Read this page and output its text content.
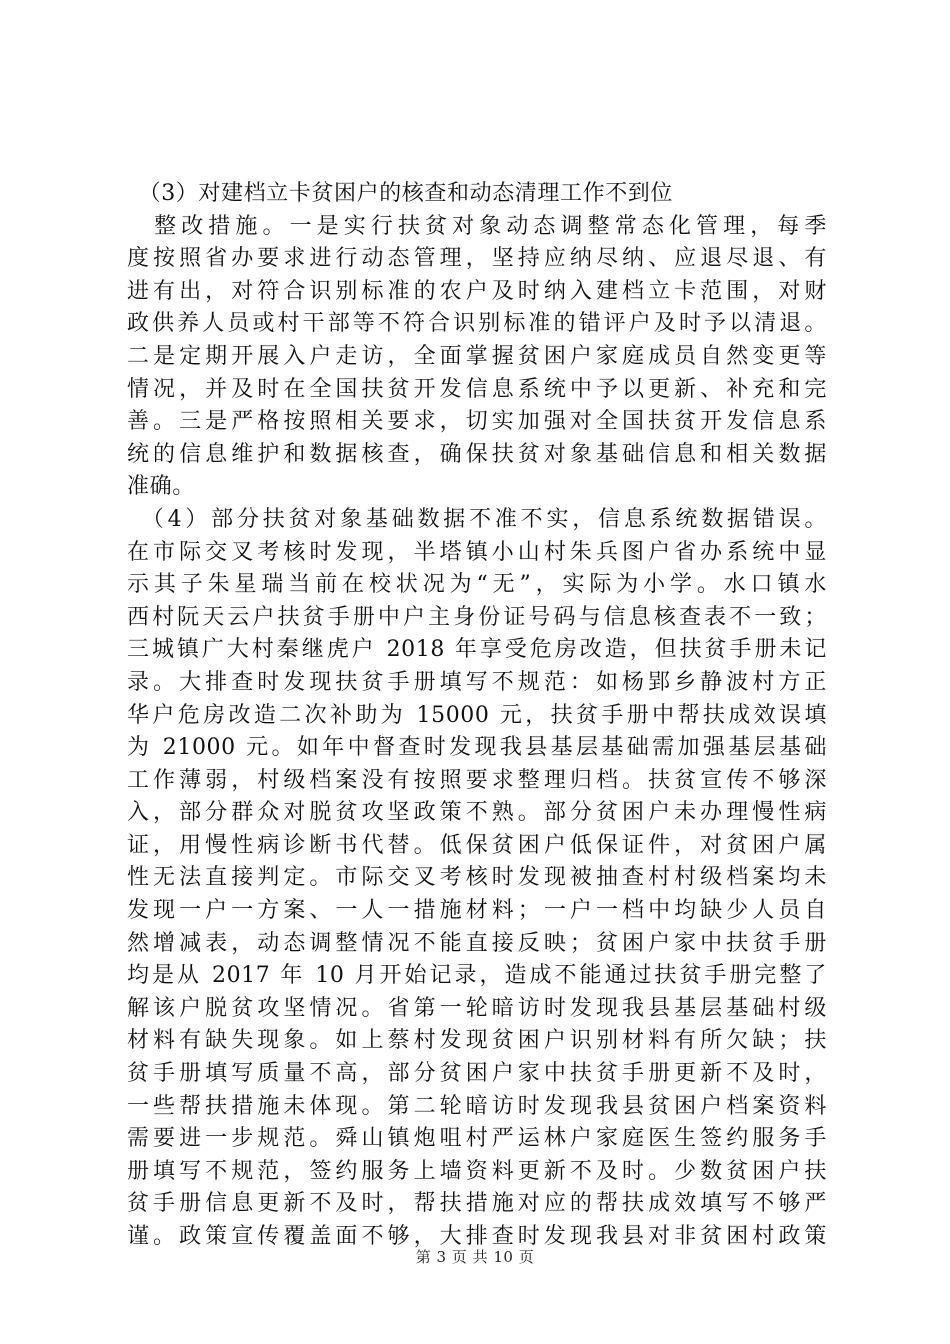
　（3）对建档立卡贫困户的核查和动态清理工作不到位
　整改措施。一是实行扶贫对象动态调整常态化管理，每季
度按照省办要求进行动态管理，坚持应纳尽纳、应退尽退、有
进有出，对符合识别标准的农户及时纳入建档立卡范围，对财
政供养人员或村干部等不符合识别标准的错评户及时予以清退。
二是定期开展入户走访，全面掌握贫困户家庭成员自然变更等
情况，并及时在全国扶贫开发信息系统中予以更新、补充和完
善。三是严格按照相关要求，切实加强对全国扶贫开发信息系
统的信息维护和数据核查，确保扶贫对象基础信息和相关数据
准确。
　（4）部分扶贫对象基础数据不准不实，信息系统数据错误。
在市际交叉考核时发现，半塔镇小山村朱兵图户省办系统中显
示其子朱星瑞当前在校状况为“无”，实际为小学。水口镇水
西村阮天云户扶贫手册中户主身份证号码与信息核查表不一致；
三城镇广大村秦继虎户 2018 年享受危房改造，但扶贫手册未记
录。大排查时发现扶贫手册填写不规范：如杨郢乡静波村方正
华户危房改造二次补助为 15000 元，扶贫手册中帮扶成效误填
为 21000 元。如年中督查时发现我县基层基础需加强基层基础
工作薄弱，村级档案没有按照要求整理归档。扶贫宣传不够深
入，部分群众对脱贫攻坚政策不熟。部分贫困户未办理慢性病
证，用慢性病诊断书代替。低保贫困户低保证件，对贫困户属
性无法直接判定。市际交叉考核时发现被抽查村村级档案均未
发现一户一方案、一人一措施材料；一户一档中均缺少人员自
然增减表，动态调整情况不能直接反映；贫困户家中扶贫手册
均是从 2017 年 10 月开始记录，造成不能通过扶贫手册完整了
解该户脱贫攻坚情况。省第一轮暗访时发现我县基层基础村级
材料有缺失现象。如上蔡村发现贫困户识别材料有所欠缺；扶
贫手册填写质量不高，部分贫困户家中扶贫手册更新不及时，
一些帮扶措施未体现。第二轮暗访时发现我县贫困户档案资料
需要进一步规范。舜山镇炮咀村严运林户家庭医生签约服务手
册填写不规范，签约服务上墙资料更新不及时。少数贫困户扶
贫手册信息更新不及时，帮扶措施对应的帮扶成效填写不够严
谨。政策宣传覆盖面不够，大排查时发现我县对非贫困村政策
第 3 页 共 10 页
